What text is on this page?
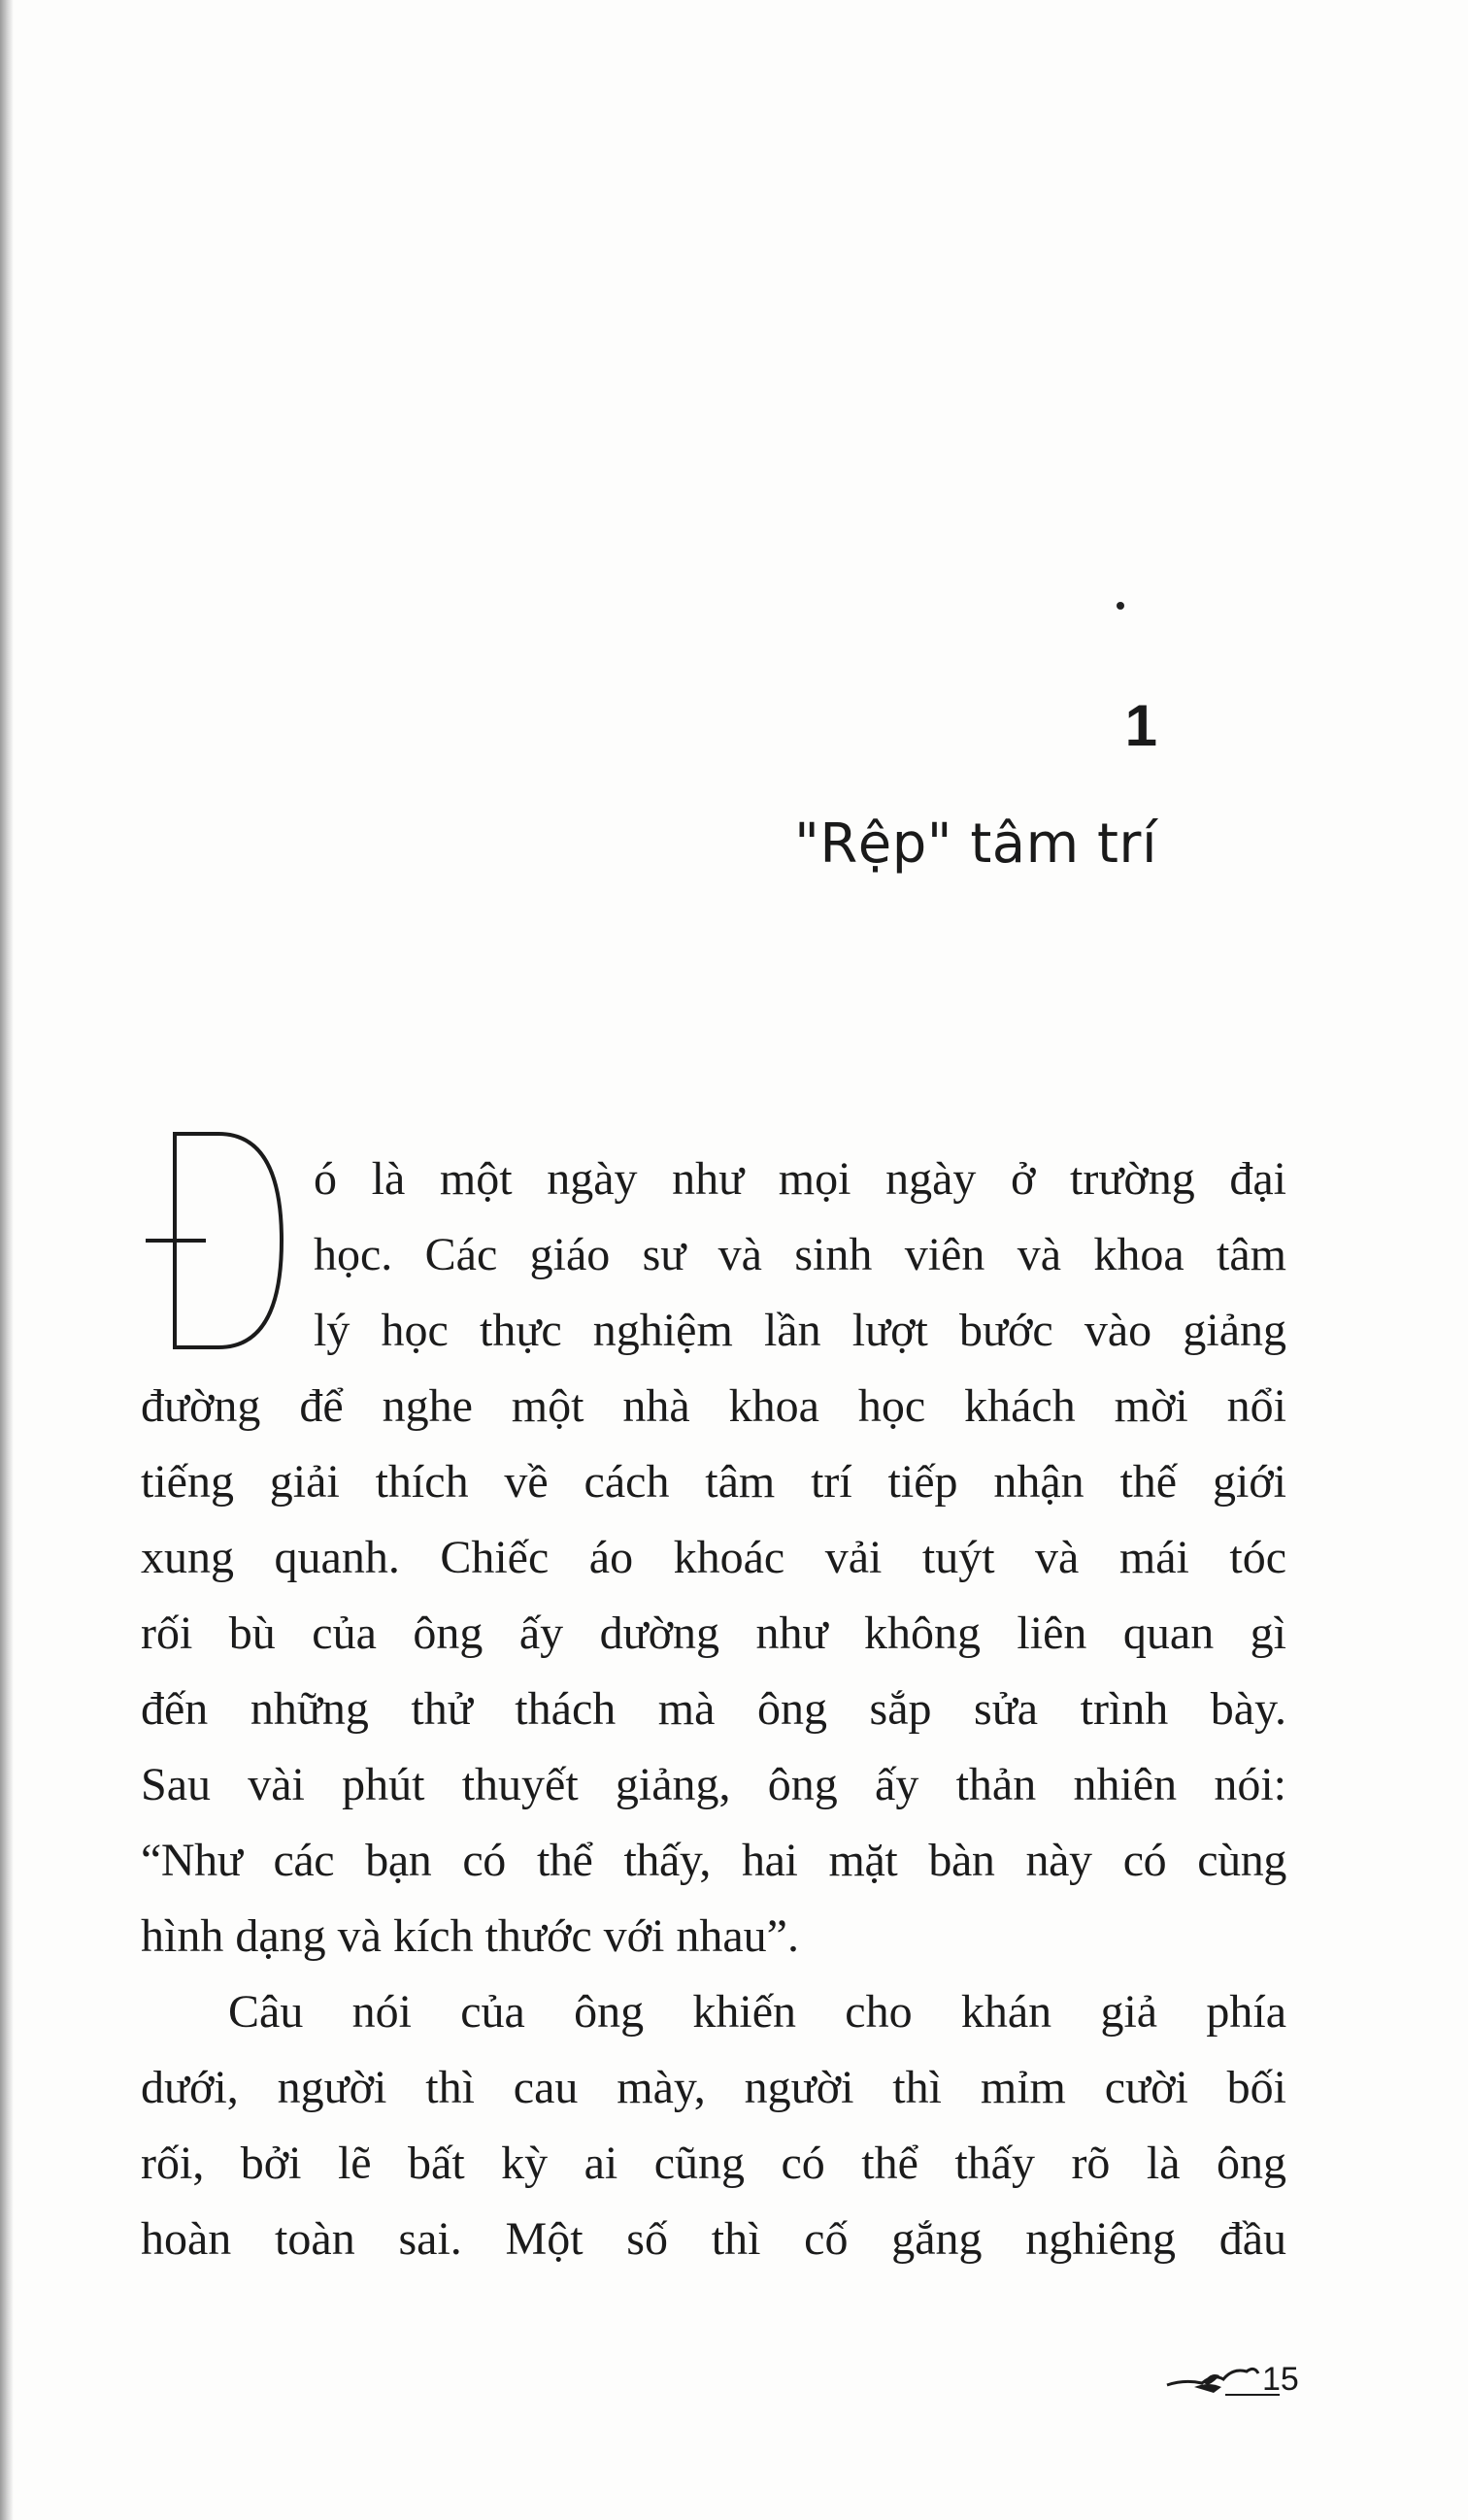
1
"Rệp" tâm trí
ó là một ngày như mọi ngày ở trường đại
học. Các giáo sư và sinh viên và khoa tâm
lý học thực nghiệm lần lượt bước vào giảng
đường để nghe một nhà khoa học khách mời nổi
tiếng giải thích về cách tâm trí tiếp nhận thế giới
xung quanh. Chiếc áo khoác vải tuýt và mái tóc
rối bù của ông ấy dường như không liên quan gì
đến những thử thách mà ông sắp sửa trình bày.
Sau vài phút thuyết giảng, ông ấy thản nhiên nói:
“Như các bạn có thể thấy, hai mặt bàn này có cùng
hình dạng và kích thước với nhau”.
Câu nói của ông khiến cho khán giả phía
dưới, người thì cau mày, người thì mỉm cười bối
rối, bởi lẽ bất kỳ ai cũng có thể thấy rõ là ông
hoàn toàn sai. Một số thì cố gắng nghiêng đầu
15
